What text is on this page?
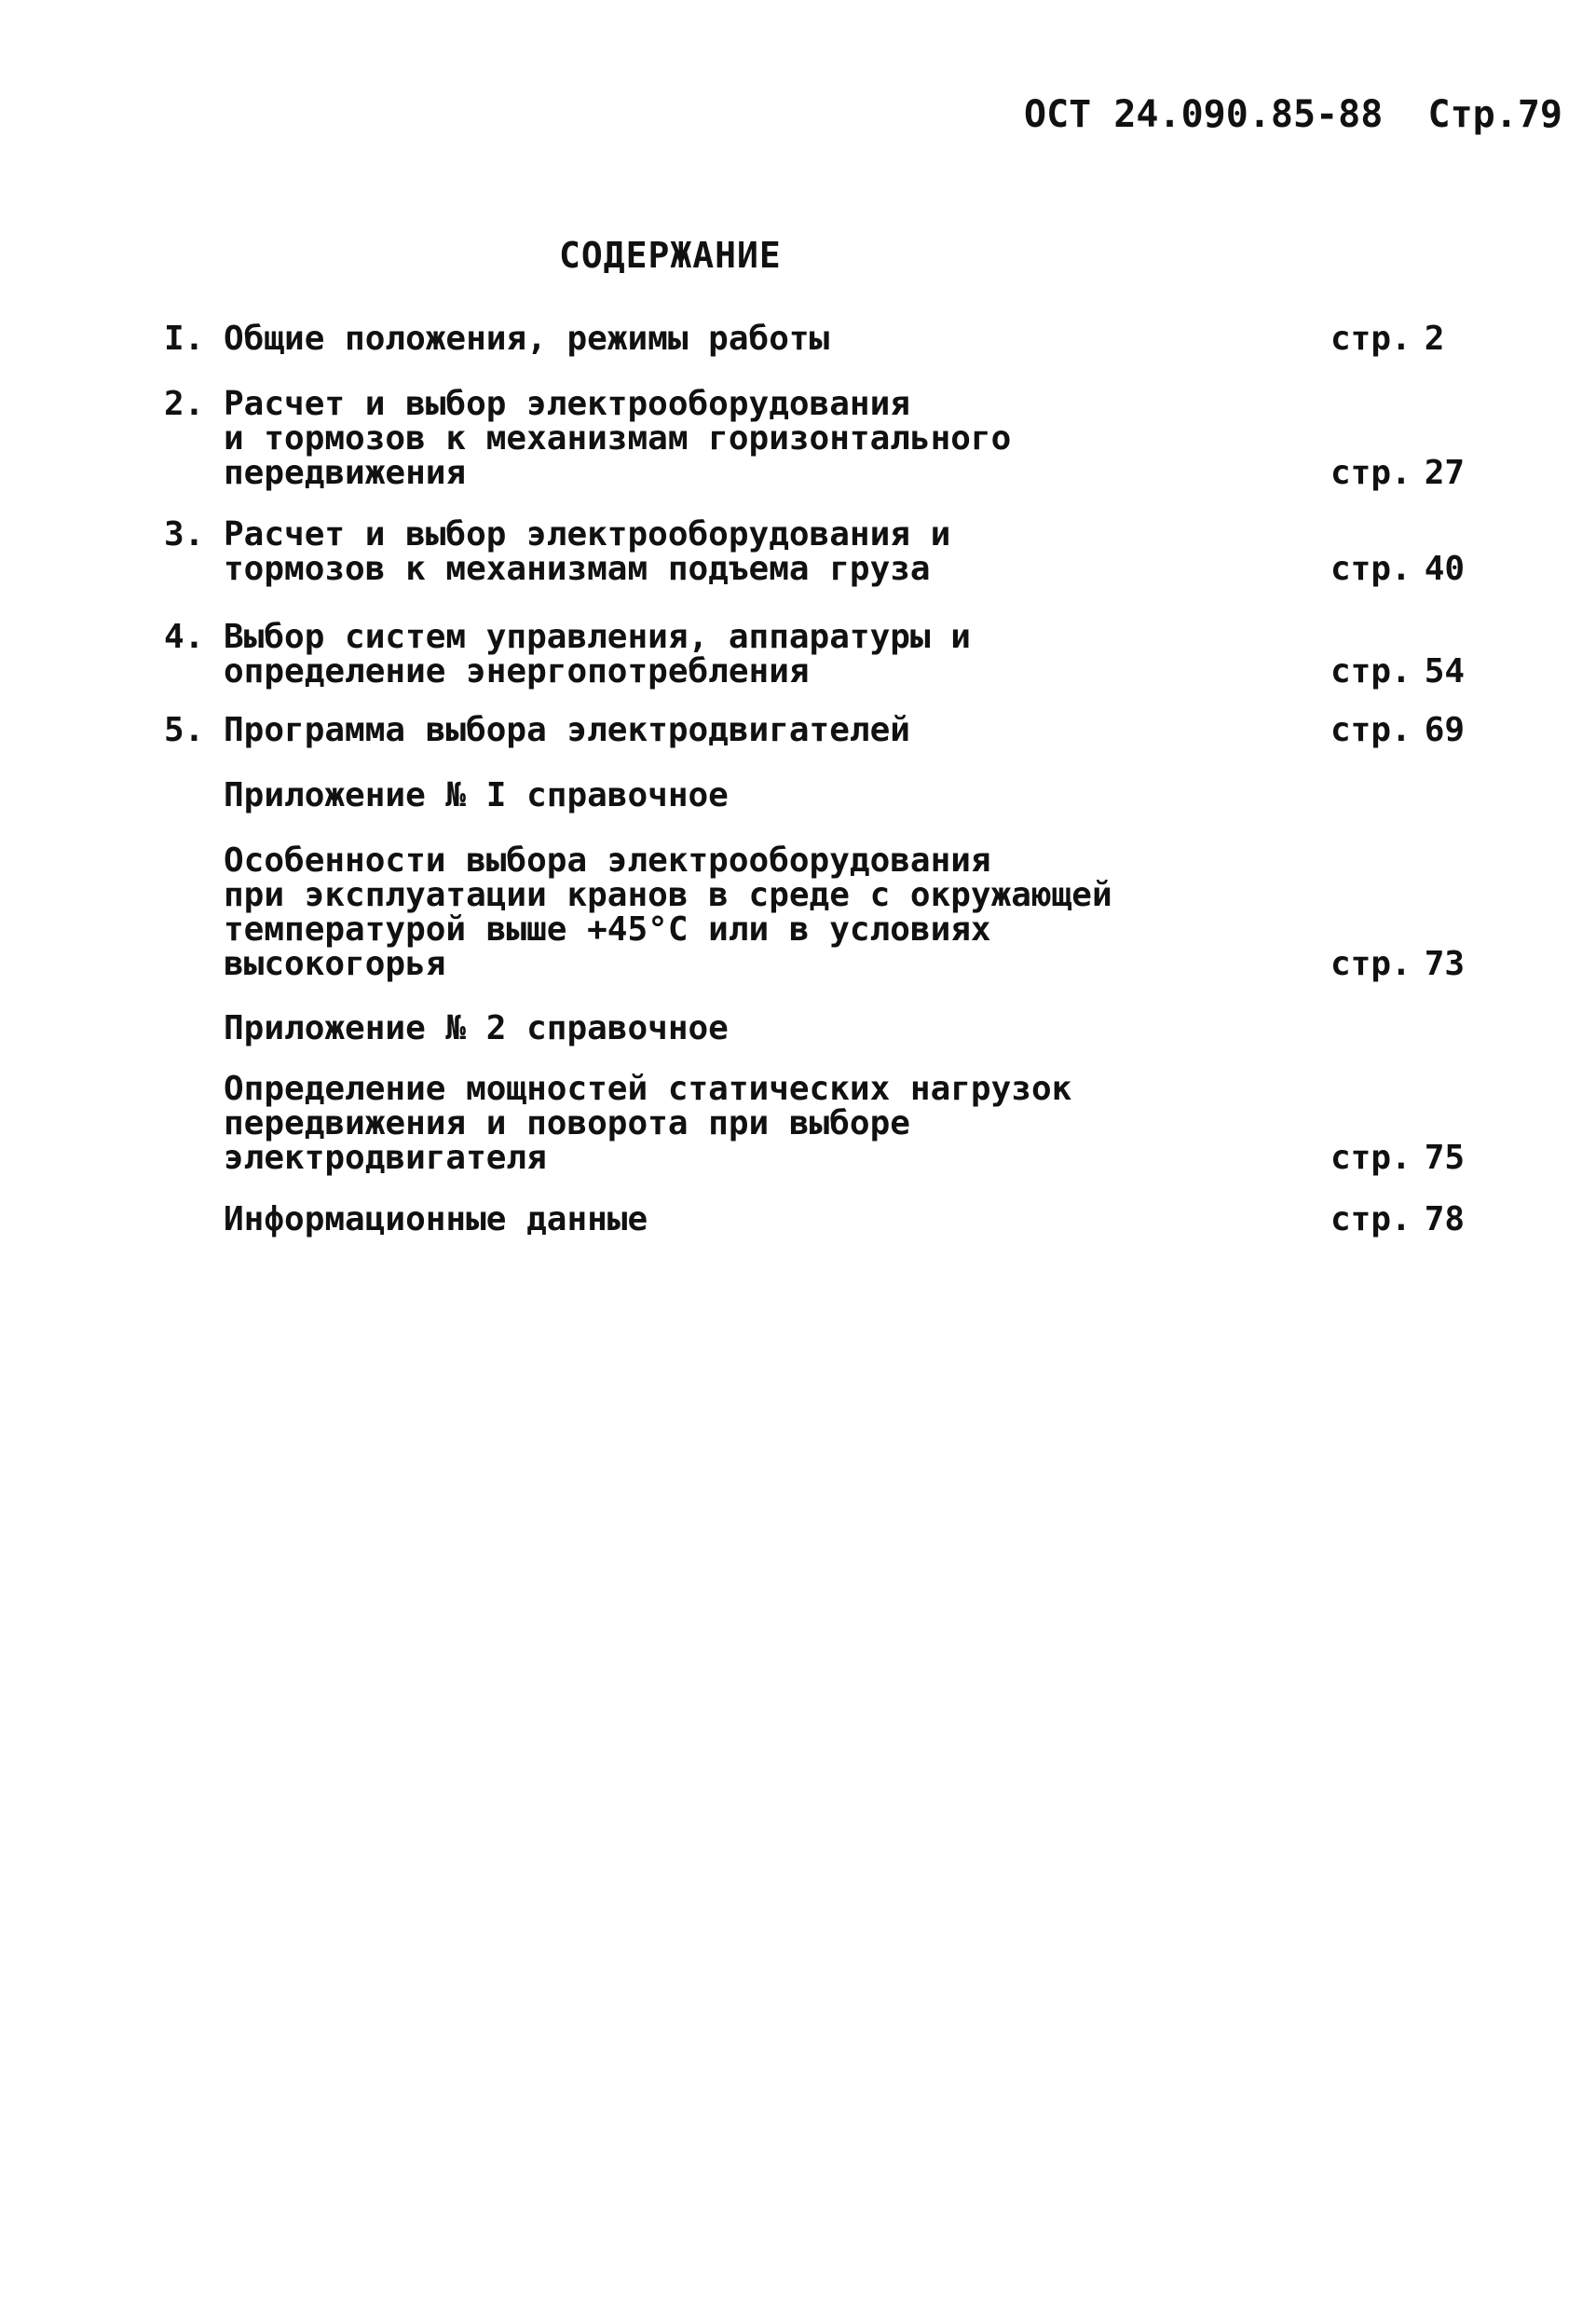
ОСТ 24.090.85-88 Стр.79
СОДЕРЖАНИЕ
I. Общие положения, режимы работы	стр. 2
2. Расчет и выбор электрооборудования
и тормозов к механизмам горизонтального
передвижения	стр. 27
3. Расчет и выбор электрооборудования и
тормозов к механизмам подъема груза	стр. 40
4. Выбор систем управления, аппаратуры и
определение энергопотребления	стр. 54
5. Программа выбора электродвигателей	стр. 69
Приложение № I справочное
Особенности выбора электрооборудования
при эксплуатации кранов в среде с окружающей
температурой выше +45°С или в условиях
высокогорья	стр. 73
Приложение № 2 справочное
Определение мощностей статических нагрузок
передвижения и поворота при выборе
электродвигателя	стр. 75
Информационные данные	стр. 78
